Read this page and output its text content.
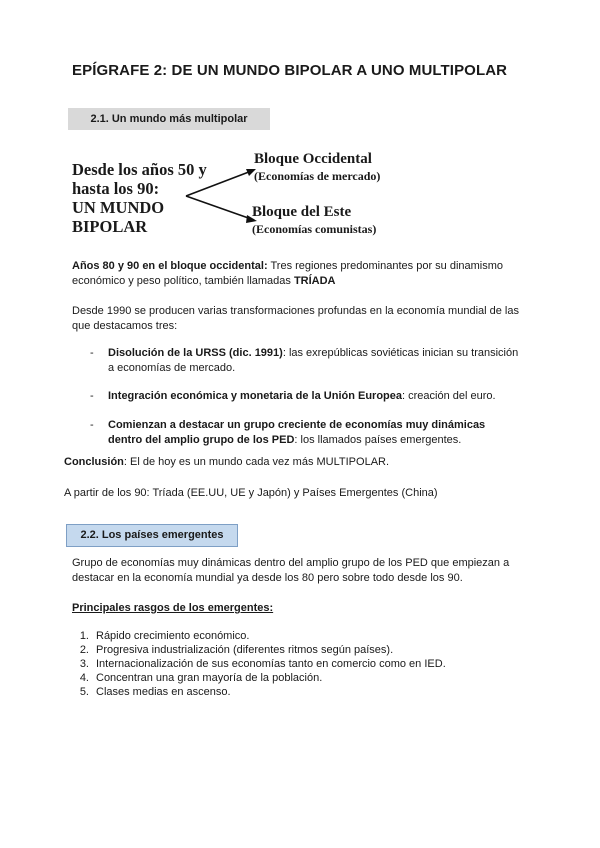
EPÍGRAFE 2: DE UN MUNDO BIPOLAR A UNO MULTIPOLAR
2.1. Un mundo más multipolar
Desde los años 50 y
hasta los 90:
UN MUNDO
BIPOLAR
Bloque Occidental
(Economías de mercado)
Bloque del Este
(Economías comunistas)
Años 80 y 90 en el bloque occidental: Tres regiones predominantes por su dinamismo
económico y peso político, también llamadas TRÍADA
Desde 1990 se producen varias transformaciones profundas en la economía mundial de las
que destacamos tres:
- Disolución de la URSS (dic. 1991): las exrepúblicas soviéticas inician su transición
a economías de mercado.
- Integración económica y monetaria de la Unión Europea: creación del euro.
- Comienzan a destacar un grupo creciente de economías muy dinámicas
dentro del amplio grupo de los PED: los llamados países emergentes.
Conclusión: El de hoy es un mundo cada vez más MULTIPOLAR.
A partir de los 90: Tríada (EE.UU, UE y Japón) y Países Emergentes (China)
2.2. Los países emergentes
Grupo de economías muy dinámicas dentro del amplio grupo de los PED que empiezan a
destacar en la economía mundial ya desde los 80 pero sobre todo desde los 90.
Principales rasgos de los emergentes:
1. Rápido crecimiento económico.
2. Progresiva industrialización (diferentes ritmos según países).
3. Internacionalización de sus economías tanto en comercio como en IED.
4. Concentran una gran mayoría de la población.
5. Clases medias en ascenso.
